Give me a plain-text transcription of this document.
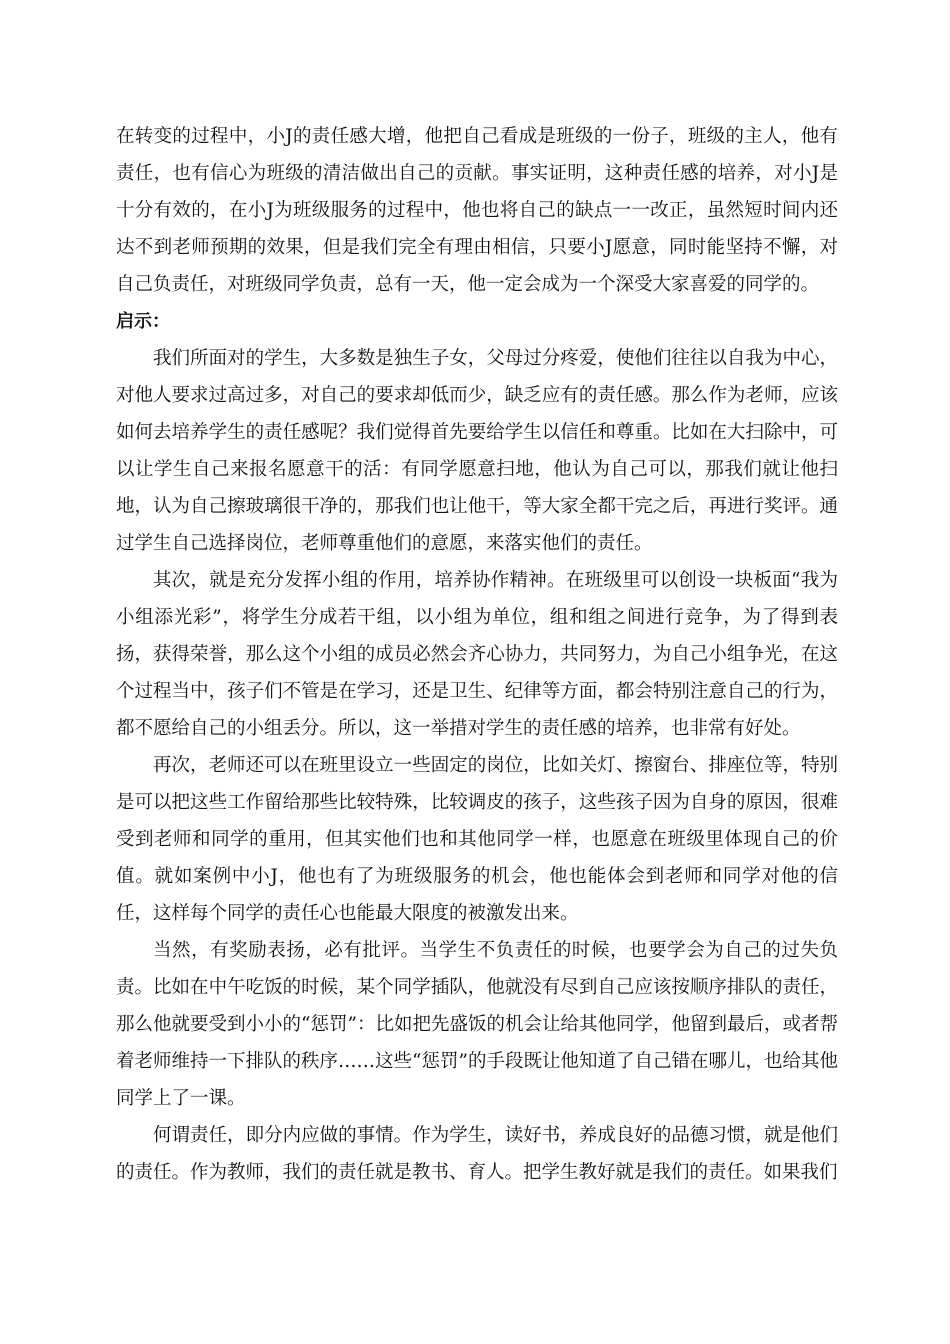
在转变的过程中，小J的责任感大增，他把自己看成是班级的一份子，班级的主人，他有责任，也有信心为班级的清洁做出自己的贡献。事实证明，这种责任感的培养，对小J是十分有效的，在小J为班级服务的过程中，他也将自己的缺点一一改正，虽然短时间内还达不到老师预期的效果，但是我们完全有理由相信，只要小J愿意，同时能坚持不懈，对自己负责任，对班级同学负责，总有一天，他一定会成为一个深受大家喜爱的同学的。

启示：

我们所面对的学生，大多数是独生子女，父母过分疼爱，使他们往往以自我为中心，对他人要求过高过多，对自己的要求却低而少，缺乏应有的责任感。那么作为老师，应该如何去培养学生的责任感呢？我们觉得首先要给学生以信任和尊重。比如在大扫除中，可以让学生自己来报名愿意干的活：有同学愿意扫地，他认为自己可以，那我们就让他扫地，认为自己擦玻璃很干净的，那我们也让他干，等大家全都干完之后，再进行奖评。通过学生自己选择岗位，老师尊重他们的意愿，来落实他们的责任。

其次，就是充分发挥小组的作用，培养协作精神。在班级里可以创设一块板面“我为小组添光彩”，将学生分成若干组，以小组为单位，组和组之间进行竞争，为了得到表扬，获得荣誉，那么这个小组的成员必然会齐心协力，共同努力，为自己小组争光，在这个过程当中，孩子们不管是在学习，还是卫生、纪律等方面，都会特别注意自己的行为，都不愿给自己的小组丢分。所以，这一举措对学生的责任感的培养，也非常有好处。

再次，老师还可以在班里设立一些固定的岗位，比如关灯、擦窗台、排座位等，特别是可以把这些工作留给那些比较特殊，比较调皮的孩子，这些孩子因为自身的原因，很难受到老师和同学的重用，但其实他们也和其他同学一样，也愿意在班级里体现自己的价值。就如案例中小J，他也有了为班级服务的机会，他也能体会到老师和同学对他的信任，这样每个同学的责任心也能最大限度的被激发出来。

当然，有奖励表扬，必有批评。当学生不负责任的时候，也要学会为自己的过失负责。比如在中午吃饭的时候，某个同学插队，他就没有尽到自己应该按顺序排队的责任，那么他就要受到小小的“惩罚”：比如把先盛饭的机会让给其他同学，他留到最后，或者帮着老师维持一下排队的秩序……这些“惩罚”的手段既让他知道了自己错在哪儿，也给其他同学上了一课。

何谓责任，即分内应做的事情。作为学生，读好书，养成良好的品德习惯，就是他们的责任。作为教师，我们的责任就是教书、育人。把学生教好就是我们的责任。如果我们
